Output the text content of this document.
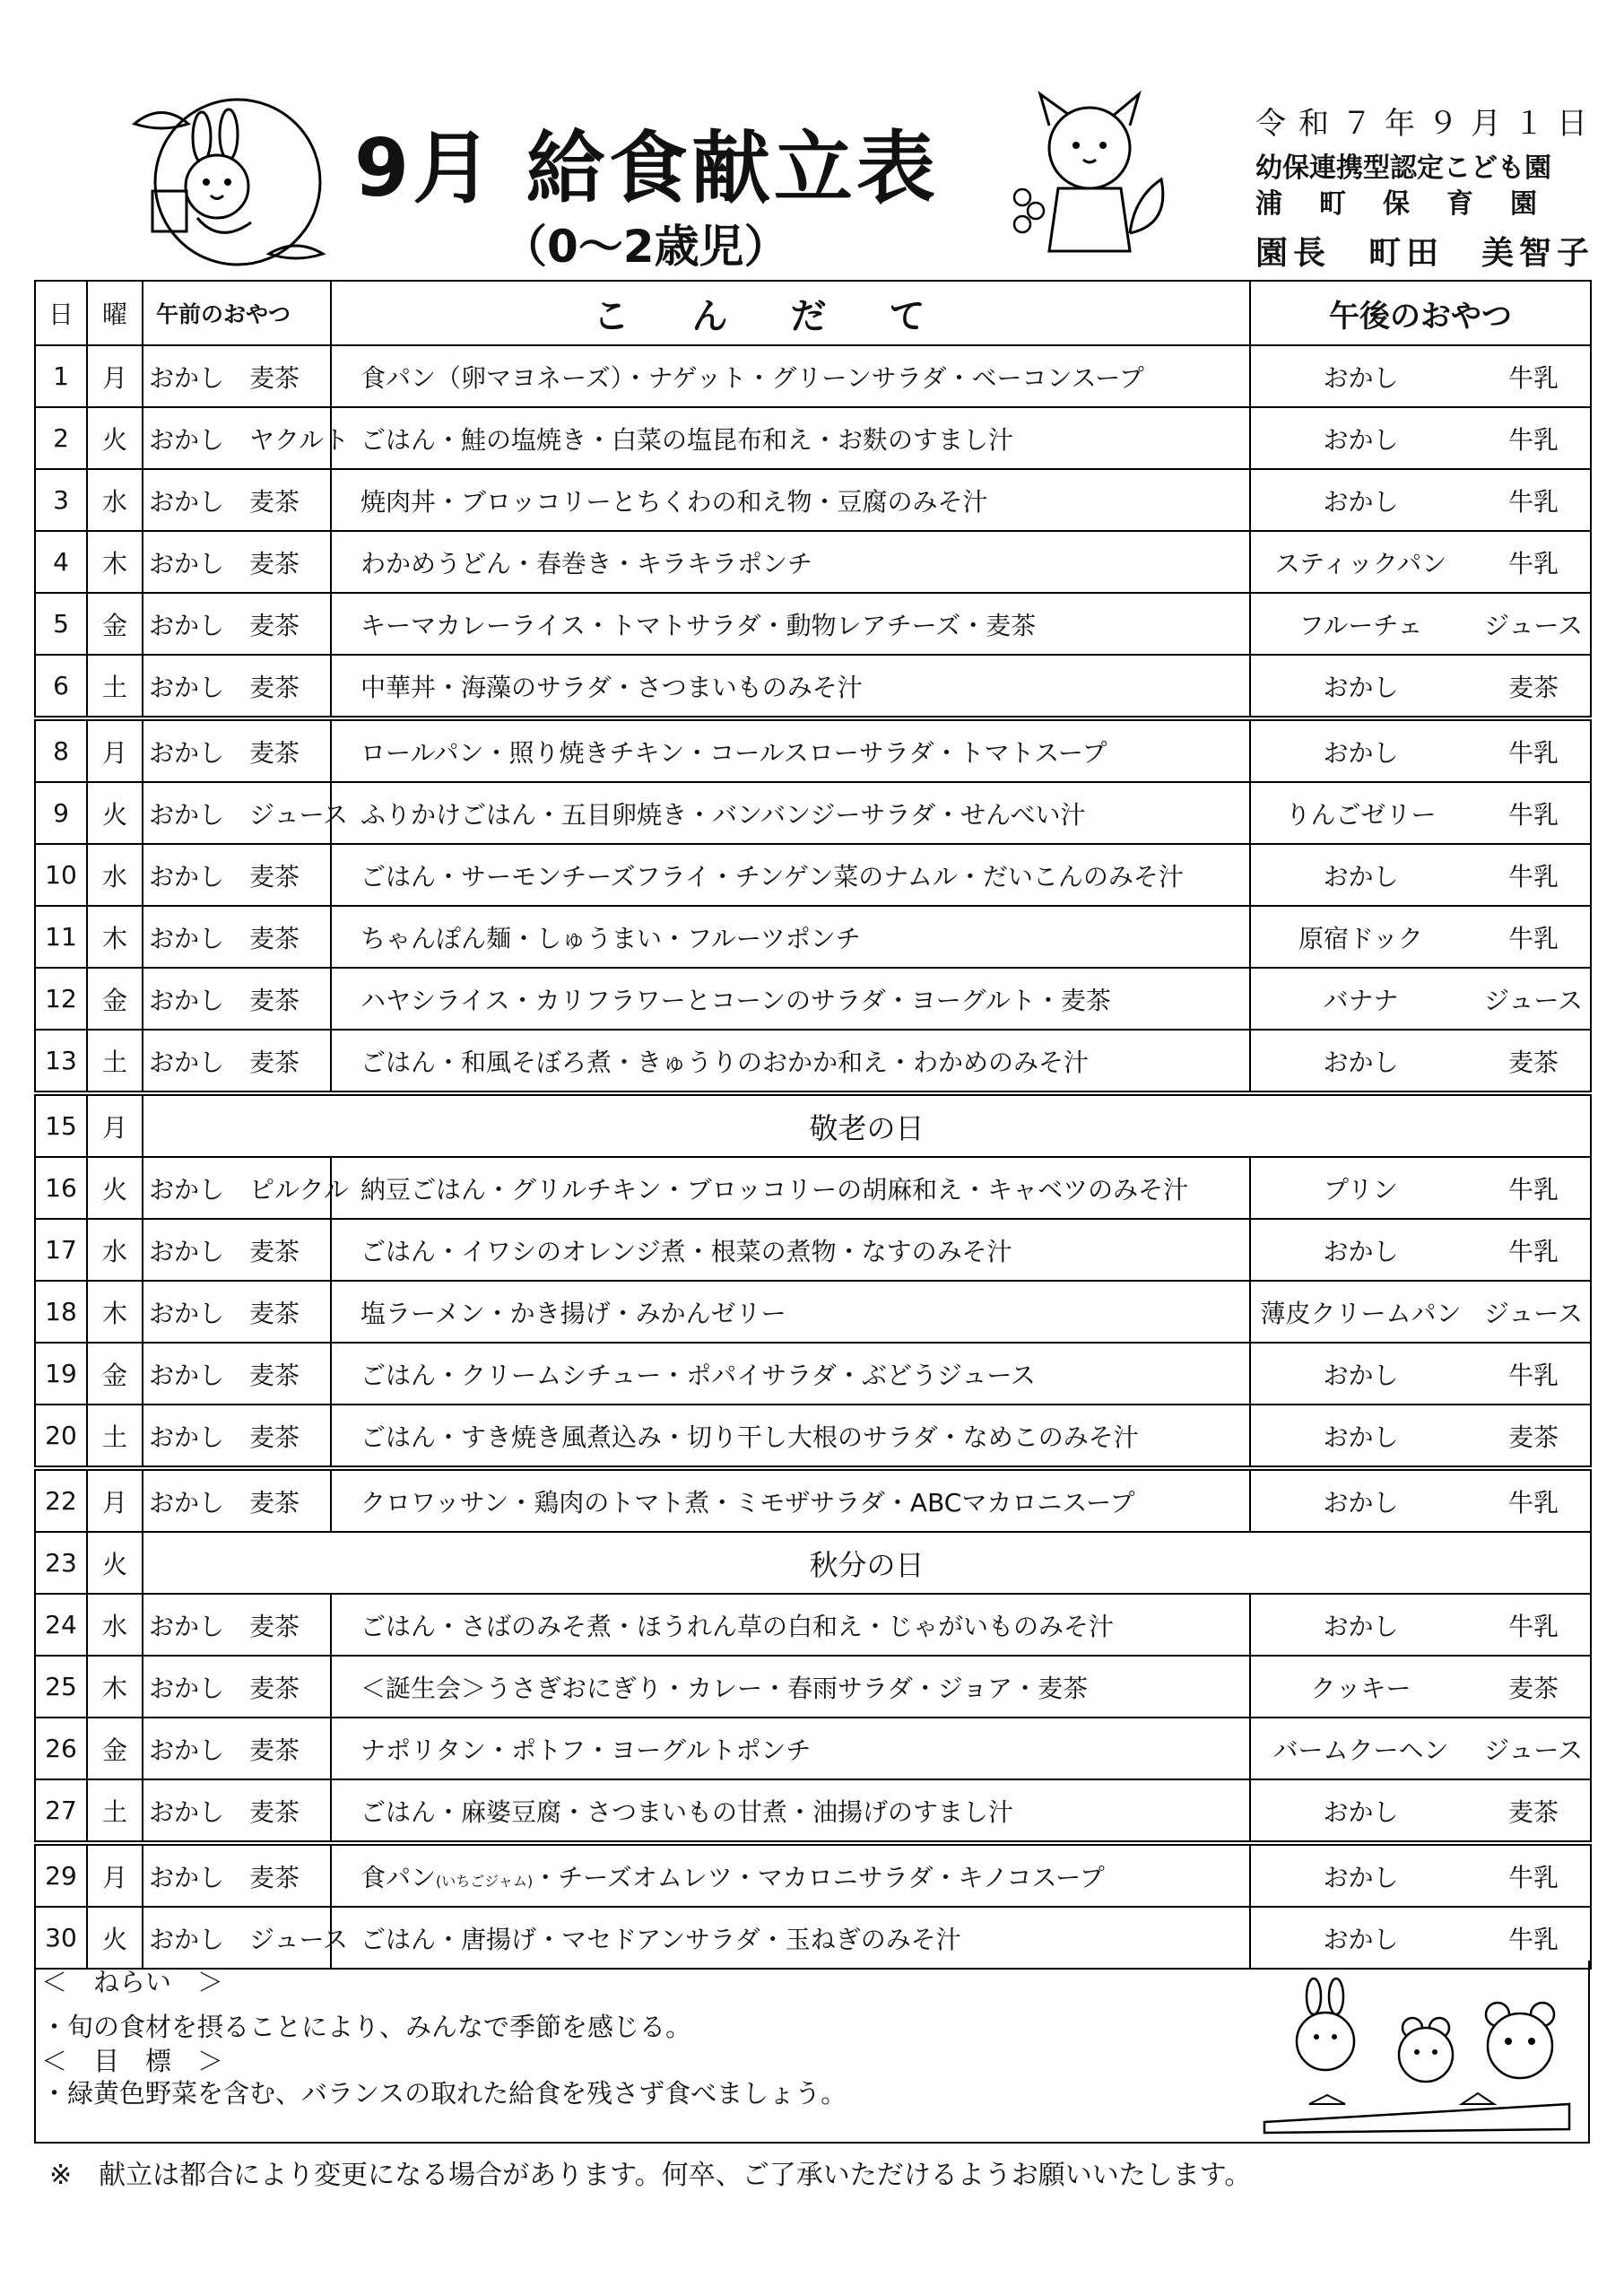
9月 給食献立表
（0～2歳児）
令和７年９月１日
幼保連携型認定こども園
浦町保育園
園長　町田　美智子
日	曜	午前のおやつ	こんだて	午後のおやつ
1	月	おかし 麦茶	食パン（卵マヨネーズ）・ナゲット・グリーンサラダ・ベーコンスープ	おかし 牛乳
2	火	おかし ヤクルト	ごはん・鮭の塩焼き・白菜の塩昆布和え・お麩のすまし汁	おかし 牛乳
3	水	おかし 麦茶	焼肉丼・ブロッコリーとちくわの和え物・豆腐のみそ汁	おかし 牛乳
4	木	おかし 麦茶	わかめうどん・春巻き・キラキラポンチ	スティックパン 牛乳
5	金	おかし 麦茶	キーマカレーライス・トマトサラダ・動物レアチーズ・麦茶	フルーチェ ジュース
6	土	おかし 麦茶	中華丼・海藻のサラダ・さつまいものみそ汁	おかし 麦茶
8	月	おかし 麦茶	ロールパン・照り焼きチキン・コールスローサラダ・トマトスープ	おかし 牛乳
9	火	おかし ジュース	ふりかけごはん・五目卵焼き・バンバンジーサラダ・せんべい汁	りんごゼリー 牛乳
10	水	おかし 麦茶	ごはん・サーモンチーズフライ・チンゲン菜のナムル・だいこんのみそ汁	おかし 牛乳
11	木	おかし 麦茶	ちゃんぽん麺・しゅうまい・フルーツポンチ	原宿ドック 牛乳
12	金	おかし 麦茶	ハヤシライス・カリフラワーとコーンのサラダ・ヨーグルト・麦茶	バナナ ジュース
13	土	おかし 麦茶	ごはん・和風そぼろ煮・きゅうりのおかか和え・わかめのみそ汁	おかし 麦茶
15	月	敬老の日		
16	火	おかし ピルクル	納豆ごはん・グリルチキン・ブロッコリーの胡麻和え・キャベツのみそ汁	プリン 牛乳
17	水	おかし 麦茶	ごはん・イワシのオレンジ煮・根菜の煮物・なすのみそ汁	おかし 牛乳
18	木	おかし 麦茶	塩ラーメン・かき揚げ・みかんゼリー	薄皮クリームパン ジュース
19	金	おかし 麦茶	ごはん・クリームシチュー・ポパイサラダ・ぶどうジュース	おかし 牛乳
20	土	おかし 麦茶	ごはん・すき焼き風煮込み・切り干し大根のサラダ・なめこのみそ汁	おかし 麦茶
22	月	おかし 麦茶	クロワッサン・鶏肉のトマト煮・ミモザサラダ・ABCマカロニスープ	おかし 牛乳
23	火	秋分の日		
24	水	おかし 麦茶	ごはん・さばのみそ煮・ほうれん草の白和え・じゃがいものみそ汁	おかし 牛乳
25	木	おかし 麦茶	＜誕生会＞うさぎおにぎり・カレー・春雨サラダ・ジョア・麦茶	クッキー 麦茶
26	金	おかし 麦茶	ナポリタン・ポトフ・ヨーグルトポンチ	バームクーヘン ジュース
27	土	おかし 麦茶	ごはん・麻婆豆腐・さつまいもの甘煮・油揚げのすまし汁	おかし 麦茶
29	月	おかし 麦茶	食パン(いちごジャム)・チーズオムレツ・マカロニサラダ・キノコスープ	おかし 牛乳
30	火	おかし ジュース	ごはん・唐揚げ・マセドアンサラダ・玉ねぎのみそ汁	おかし 牛乳
＜　ねらい　＞
・旬の食材を摂ることにより、みんなで季節を感じる。
＜　目　標　＞
・緑黄色野菜を含む、バランスの取れた給食を残さず食べましょう。
※　献立は都合により変更になる場合があります。何卒、ご了承いただけるようお願いいたします。
